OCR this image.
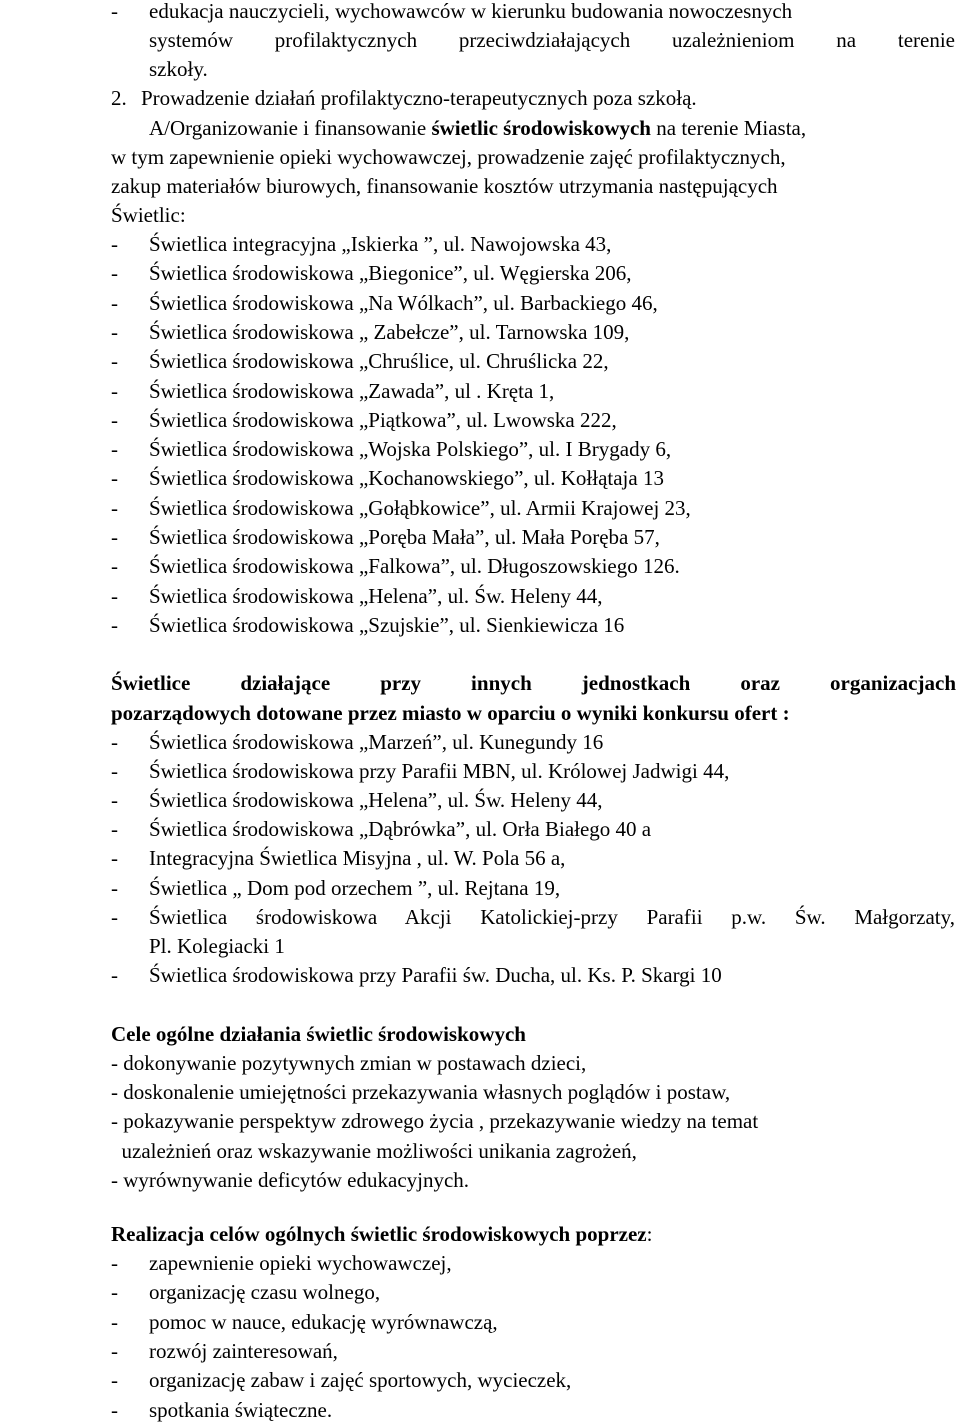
- edukacja nauczycieli, wychowawców w kierunku budowania nowoczesnych
systemów profilaktycznych przeciwdziałających uzależnieniom na terenie
szkoły.
2. Prowadzenie działań profilaktyczno-terapeutycznych poza szkołą.
A/Organizowanie i finansowanie świetlic środowiskowych na terenie Miasta,
w tym zapewnienie opieki wychowawczej, prowadzenie zajęć profilaktycznych,
zakup materiałów biurowych, finansowanie kosztów utrzymania następujących
Świetlic:
- Świetlica integracyjna „Iskierka ”, ul. Nawojowska 43,
- Świetlica środowiskowa „Biegonice”, ul. Węgierska 206,
- Świetlica środowiskowa „Na Wólkach”, ul. Barbackiego 46,
- Świetlica środowiskowa „ Zabełcze”, ul. Tarnowska 109,
- Świetlica środowiskowa „Chruślice, ul. Chruślicka 22,
- Świetlica środowiskowa „Zawada”, ul . Kręta 1,
- Świetlica środowiskowa „Piątkowa”, ul. Lwowska 222,
- Świetlica środowiskowa „Wojska Polskiego”, ul. I Brygady 6,
- Świetlica środowiskowa „Kochanowskiego”, ul. Kołłątaja 13
- Świetlica środowiskowa „Gołąbkowice”, ul. Armii Krajowej 23,
- Świetlica środowiskowa „Poręba Mała”, ul. Mała Poręba 57,
- Świetlica środowiskowa „Falkowa”, ul. Długoszowskiego 126.
- Świetlica środowiskowa „Helena”, ul. Św. Heleny 44,
- Świetlica środowiskowa „Szujskie”, ul. Sienkiewicza 16
Świetlice działające przy innych jednostkach oraz organizacjach
pozarządowych dotowane przez miasto w oparciu o wyniki konkursu ofert :
- Świetlica środowiskowa „Marzeń”, ul. Kunegundy 16
- Świetlica środowiskowa przy Parafii MBN, ul. Królowej Jadwigi 44,
- Świetlica środowiskowa „Helena”, ul. Św. Heleny 44,
- Świetlica środowiskowa „Dąbrówka”, ul. Orła Białego 40 a
- Integracyjna Świetlica Misyjna , ul. W. Pola 56 a,
- Świetlica „ Dom pod orzechem ”, ul. Rejtana 19,
- Świetlica środowiskowa Akcji Katolickiej-przy Parafii p.w. Św. Małgorzaty,
Pl. Kolegiacki 1
- Świetlica środowiskowa przy Parafii św. Ducha, ul. Ks. P. Skargi 10
Cele ogólne działania świetlic środowiskowych
- dokonywanie pozytywnych zmian w postawach dzieci,
- doskonalenie umiejętności przekazywania własnych poglądów i postaw,
- pokazywanie perspektyw zdrowego życia , przekazywanie wiedzy na temat
uzależnień oraz wskazywanie możliwości unikania zagrożeń,
- wyrównywanie deficytów edukacyjnych.
Realizacja celów ogólnych świetlic środowiskowych poprzez:
- zapewnienie opieki wychowawczej,
- organizację czasu wolnego,
- pomoc w nauce, edukację wyrównawczą,
- rozwój zainteresowań,
- organizację zabaw i zajęć sportowych, wycieczek,
- spotkania świąteczne.
